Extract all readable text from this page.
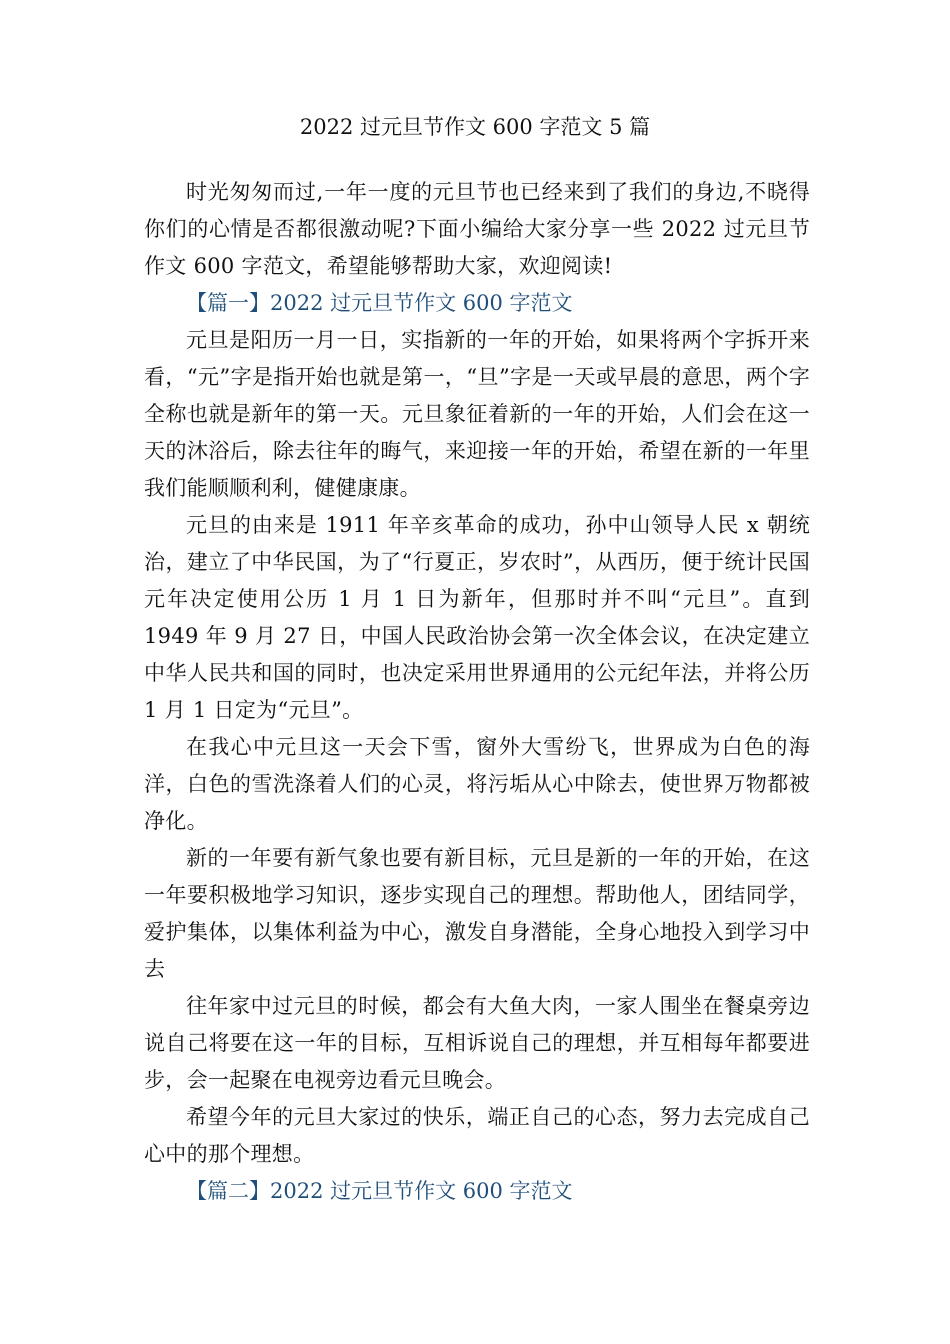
2022 过元旦节作文 600 字范文 5 篇

时光匆匆而过,一年一度的元旦节也已经来到了我们的身边,不晓得你们的心情是否都很激动呢?下面小编给大家分享一些 2022 过元旦节作文 600 字范文，希望能够帮助大家，欢迎阅读!

【篇一】2022 过元旦节作文 600 字范文

元旦是阳历一月一日，实指新的一年的开始，如果将两个字拆开来看，“元”字是指开始也就是第一，“旦”字是一天或早晨的意思，两个字全称也就是新年的第一天。元旦象征着新的一年的开始，人们会在这一天的沐浴后，除去往年的晦气，来迎接一年的开始，希望在新的一年里我们能顺顺利利，健健康康。

元旦的由来是 1911 年辛亥革命的成功，孙中山领导人民 x 朝统治，建立了中华民国，为了“行夏正，岁农时”，从西历，便于统计民国元年决定使用公历 1 月 1 日为新年，但那时并不叫“元旦”。直到 1949 年 9 月 27 日，中国人民政治协会第一次全体会议，在决定建立中华人民共和国的同时，也决定采用世界通用的公元纪年法，并将公历 1 月 1 日定为“元旦”。

在我心中元旦这一天会下雪，窗外大雪纷飞，世界成为白色的海洋，白色的雪洗涤着人们的心灵，将污垢从心中除去，使世界万物都被净化。

新的一年要有新气象也要有新目标，元旦是新的一年的开始，在这一年要积极地学习知识，逐步实现自己的理想。帮助他人，团结同学，爱护集体，以集体利益为中心，激发自身潜能，全身心地投入到学习中去

往年家中过元旦的时候，都会有大鱼大肉，一家人围坐在餐桌旁边说自己将要在这一年的目标，互相诉说自己的理想，并互相每年都要进步，会一起聚在电视旁边看元旦晚会。

希望今年的元旦大家过的快乐，端正自己的心态，努力去完成自己心中的那个理想。

【篇二】2022 过元旦节作文 600 字范文
